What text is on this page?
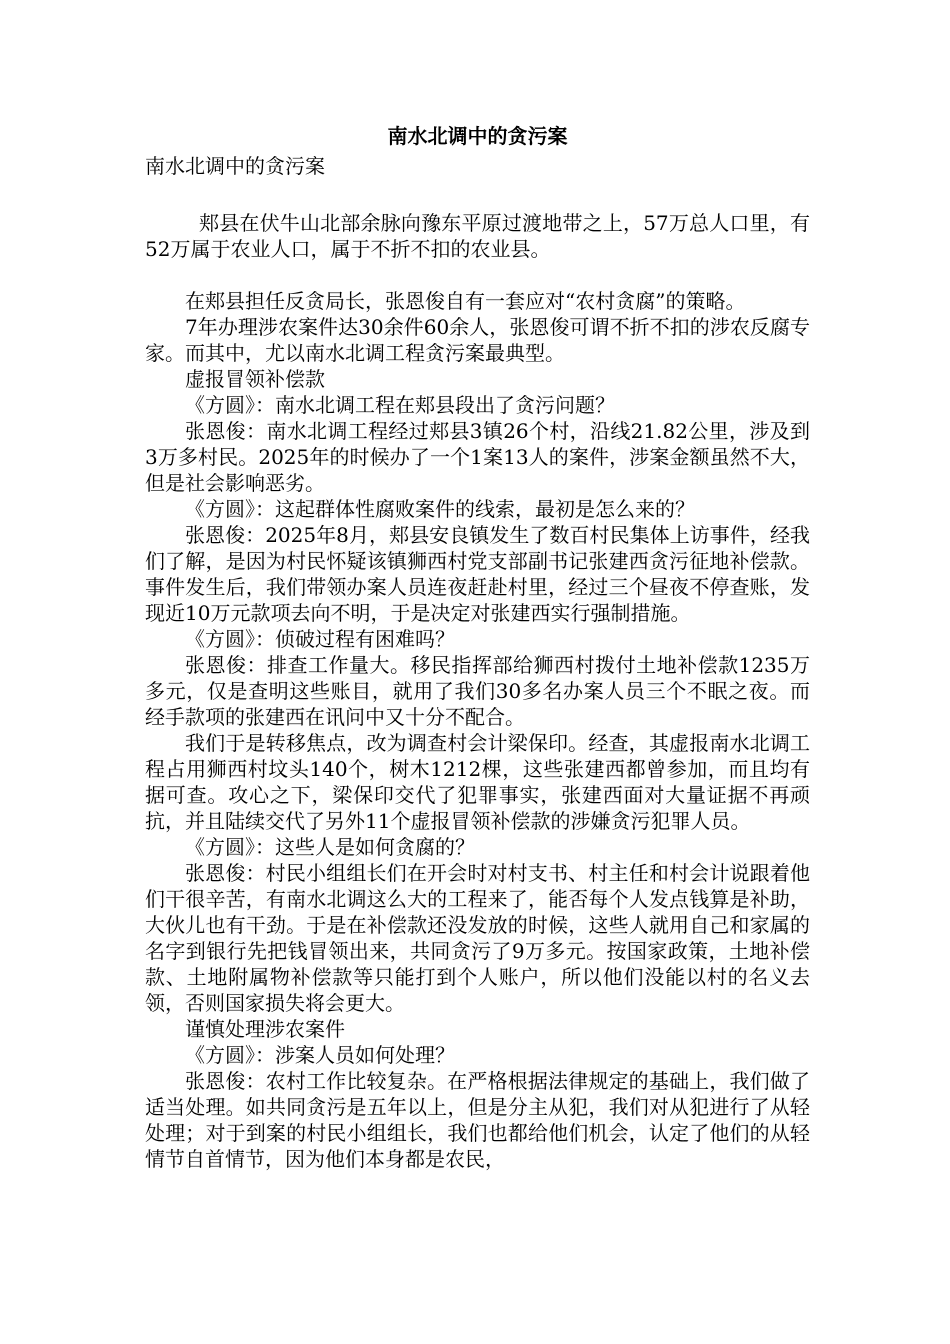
南水北调中的贪污案

南水北调中的贪污案

郏县在伏牛山北部余脉向豫东平原过渡地带之上，57万总人口里，有52万属于农业人口，属于不折不扣的农业县。

在郏县担任反贪局长，张恩俊自有一套应对“农村贪腐”的策略。

7年办理涉农案件达30余件60余人，张恩俊可谓不折不扣的涉农反腐专家。而其中，尤以南水北调工程贪污案最典型。

虚报冒领补偿款

《方圆》：南水北调工程在郏县段出了贪污问题？

张恩俊：南水北调工程经过郏县3镇26个村，沿线21.82公里，涉及到3万多村民。2025年的时候办了一个1案13人的案件，涉案金额虽然不大，但是社会影响恶劣。

《方圆》：这起群体性腐败案件的线索，最初是怎么来的？

张恩俊：2025年8月，郏县安良镇发生了数百村民集体上访事件，经我们了解，是因为村民怀疑该镇狮西村党支部副书记张建西贪污征地补偿款。事件发生后，我们带领办案人员连夜赶赴村里，经过三个昼夜不停查账，发现近10万元款项去向不明，于是决定对张建西实行强制措施。

《方圆》：侦破过程有困难吗？

张恩俊：排查工作量大。移民指挥部给狮西村拨付土地补偿款1235万多元，仅是查明这些账目，就用了我们30多名办案人员三个不眠之夜。而经手款项的张建西在讯问中又十分不配合。

我们于是转移焦点，改为调查村会计梁保印。经查，其虚报南水北调工程占用狮西村坟头140个，树木1212棵，这些张建西都曾参加，而且均有据可查。攻心之下，梁保印交代了犯罪事实，张建西面对大量证据不再顽抗，并且陆续交代了另外11个虚报冒领补偿款的涉嫌贪污犯罪人员。

《方圆》：这些人是如何贪腐的？

张恩俊：村民小组组长们在开会时对村支书、村主任和村会计说跟着他们干很辛苦，有南水北调这么大的工程来了，能否每个人发点钱算是补助，大伙儿也有干劲。于是在补偿款还没发放的时候，这些人就用自己和家属的名字到银行先把钱冒领出来，共同贪污了9万多元。按国家政策，土地补偿款、土地附属物补偿款等只能打到个人账户，所以他们没能以村的名义去领，否则国家损失将会更大。

谨慎处理涉农案件

《方圆》：涉案人员如何处理？

张恩俊：农村工作比较复杂。在严格根据法律规定的基础上，我们做了适当处理。如共同贪污是五年以上，但是分主从犯，我们对从犯进行了从轻处理；对于到案的村民小组组长，我们也都给他们机会，认定了他们的从轻情节自首情节，因为他们本身都是农民，
